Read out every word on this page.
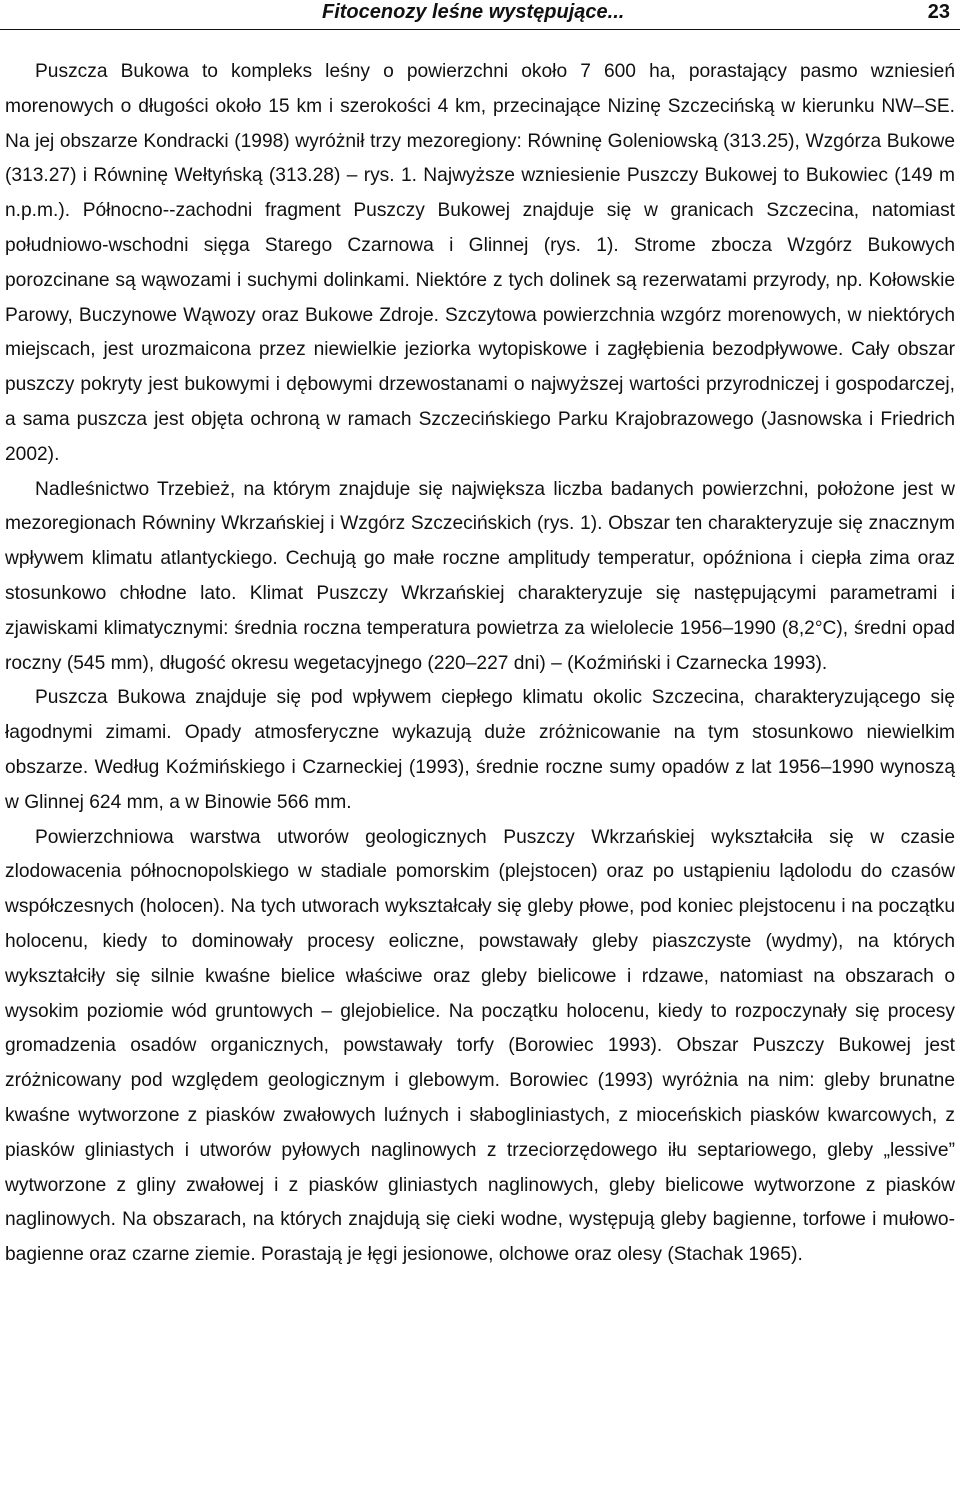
Fitocenozy leśne występujące...	23

Puszcza Bukowa to kompleks leśny o powierzchni około 7 600 ha, porastający pasmo wzniesień morenowych o długości około 15 km i szerokości 4 km, przecinające Nizinę Szczecińską w kierunku NW–SE. Na jej obszarze Kondracki (1998) wyróżnił trzy mezoregiony: Równinę Goleniowską (313.25), Wzgórza Bukowe (313.27) i Równinę Wełtyńską (313.28) – rys. 1. Najwyższe wzniesienie Puszczy Bukowej to Bukowiec (149 m n.p.m.). Północno--zachodni fragment Puszczy Bukowej znajduje się w granicach Szczecina, natomiast południowo-wschodni sięga Starego Czarnowa i Glinnej (rys. 1). Strome zbocza Wzgórz Bukowych porozcinane są wąwozami i suchymi dolinkami. Niektóre z tych dolinek są rezerwatami przyrody, np. Kołowskie Parowy, Buczynowe Wąwozy oraz Bukowe Zdroje. Szczytowa powierzchnia wzgórz morenowych, w niektórych miejscach, jest urozmaicona przez niewielkie jeziorka wytopiskowe i zagłębienia bezodpływowe. Cały obszar puszczy pokryty jest bukowymi i dębowymi drzewostanami o najwyższej wartości przyrodniczej i gospodarczej, a sama puszcza jest objęta ochroną w ramach Szczecińskiego Parku Krajobrazowego (Jasnowska i Friedrich 2002).

Nadleśnictwo Trzebież, na którym znajduje się największa liczba badanych powierzchni, położone jest w mezoregionach Równiny Wkrzańskiej i Wzgórz Szczecińskich (rys. 1). Obszar ten charakteryzuje się znacznym wpływem klimatu atlantyckiego. Cechują go małe roczne amplitudy temperatur, opóźniona i ciepła zima oraz stosunkowo chłodne lato. Klimat Puszczy Wkrzańskiej charakteryzuje się następującymi parametrami i zjawiskami klimatycznymi: średnia roczna temperatura powietrza za wielolecie 1956–1990 (8,2°C), średni opad roczny (545 mm), długość okresu wegetacyjnego (220–227 dni) – (Koźmiński i Czarnecka 1993).

Puszcza Bukowa znajduje się pod wpływem ciepłego klimatu okolic Szczecina, charakteryzującego się łagodnymi zimami. Opady atmosferyczne wykazują duże zróżnicowanie na tym stosunkowo niewielkim obszarze. Według Koźmińskiego i Czarneckiej (1993), średnie roczne sumy opadów z lat 1956–1990 wynoszą w Glinnej 624 mm, a w Binowie 566 mm.

Powierzchniowa warstwa utworów geologicznych Puszczy Wkrzańskiej wykształciła się w czasie zlodowacenia północnopolskiego w stadiale pomorskim (plejstocen) oraz po ustąpieniu lądolodu do czasów współczesnych (holocen). Na tych utworach wykształcały się gleby płowe, pod koniec plejstocenu i na początku holocenu, kiedy to dominowały procesy eoliczne, powstawały gleby piaszczyste (wydmy), na których wykształciły się silnie kwaśne bielice właściwe oraz gleby bielicowe i rdzawe, natomiast na obszarach o wysokim poziomie wód gruntowych – glejobielice. Na początku holocenu, kiedy to rozpoczynały się procesy gromadzenia osadów organicznych, powstawały torfy (Borowiec 1993). Obszar Puszczy Bukowej jest zróżnicowany pod względem geologicznym i glebowym. Borowiec (1993) wyróżnia na nim: gleby brunatne kwaśne wytworzone z piasków zwałowych luźnych i słabogliniastych, z mioceńskich piasków kwarcowych, z piasków gliniastych i utworów pyłowych naglinowych z trzeciorzędowego iłu septariowego, gleby „lessive” wytworzone z gliny zwałowej i z piasków gliniastych naglinowych, gleby bielicowe wytworzone z piasków naglinowych. Na obszarach, na których znajdują się cieki wodne, występują gleby bagienne, torfowe i mułowo-bagienne oraz czarne ziemie. Porastają je łęgi jesionowe, olchowe oraz olesy (Stachak 1965).
